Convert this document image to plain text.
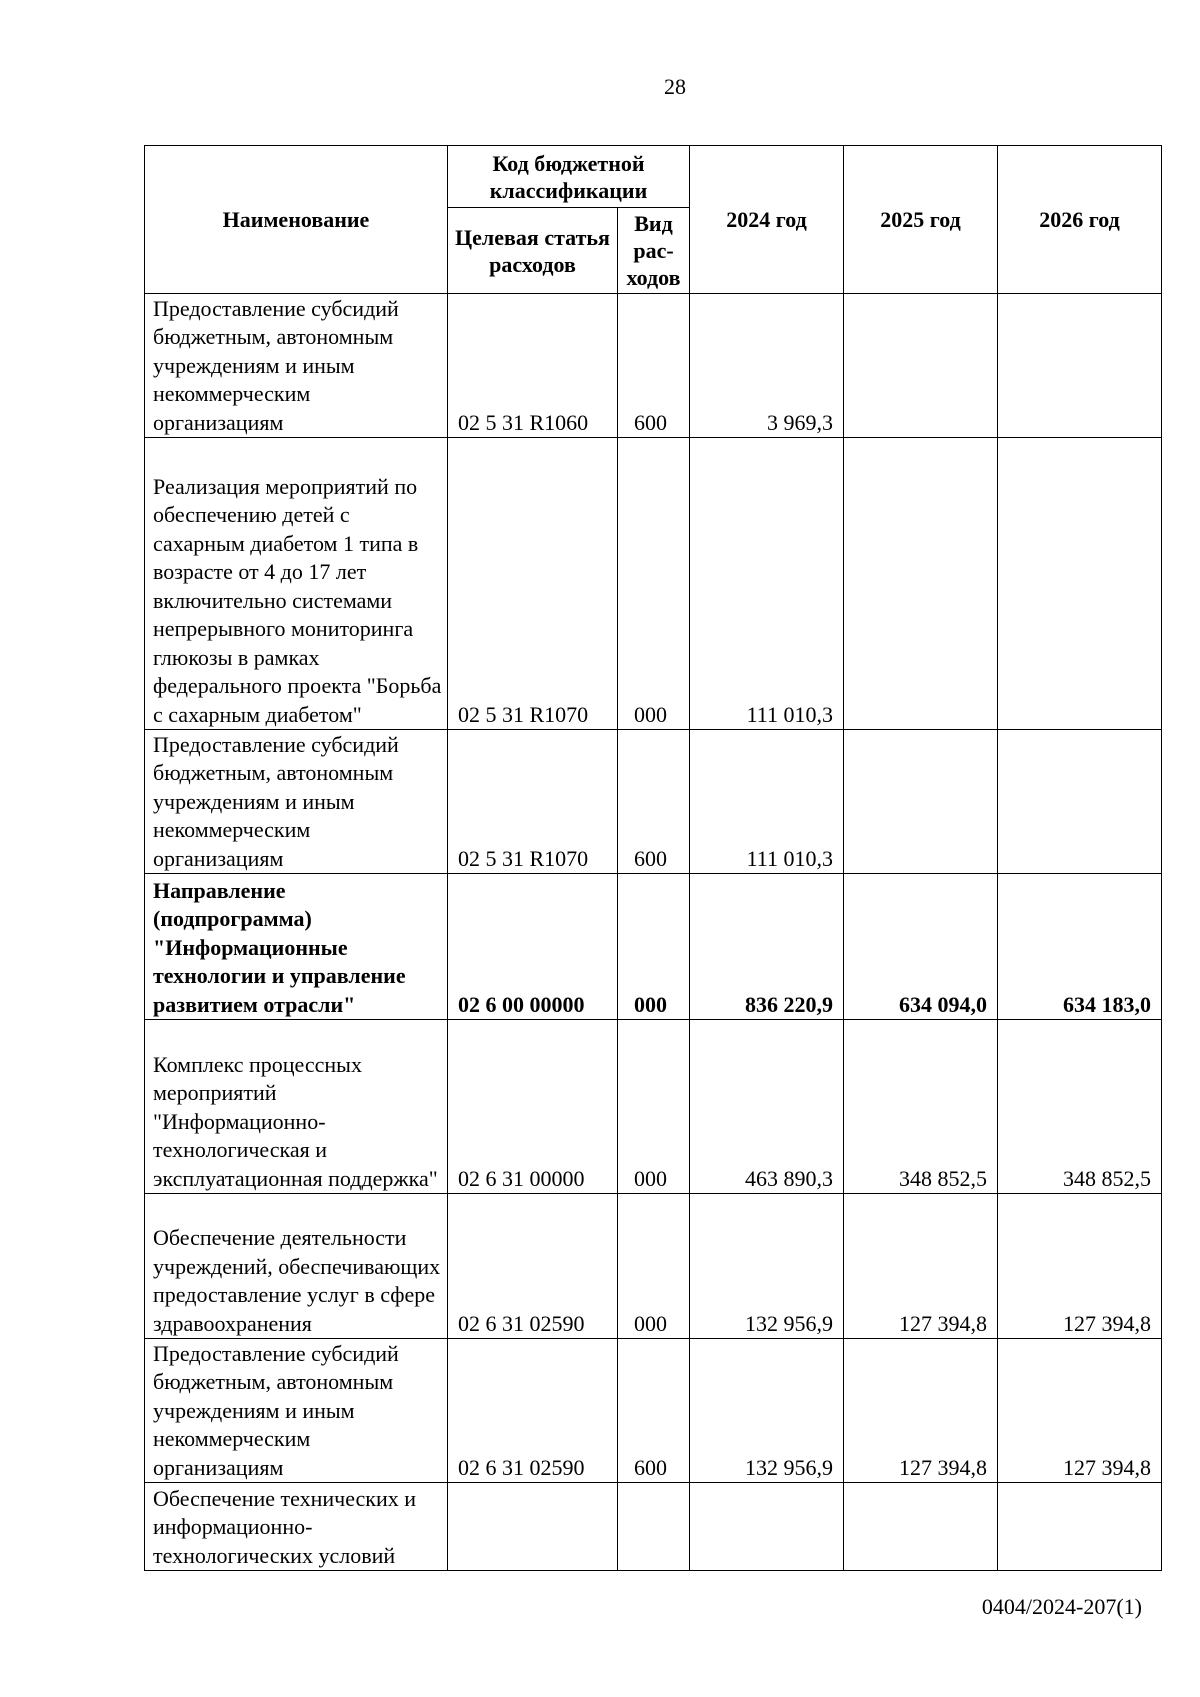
28
Наименование	Код бюджетной классификации		2024 год	2025 год	2026 год
	Целевая статья расходов	Вид рас-ходов			
Предоставление субсидий бюджетным, автономным учреждениям и иным некоммерческим организациям	02 5 31 R1060	600	3 969,3		
Реализация мероприятий по обеспечению детей с сахарным диабетом 1 типа в возрасте от 4 до 17 лет включительно системами непрерывного мониторинга глюкозы в рамках федерального проекта "Борьба с сахарным диабетом"	02 5 31 R1070	000	111 010,3		
Предоставление субсидий бюджетным, автономным учреждениям и иным некоммерческим организациям	02 5 31 R1070	600	111 010,3		
Направление (подпрограмма) "Информационные технологии и управление развитием отрасли"	02 6 00 00000	000	836 220,9	634 094,0	634 183,0
Комплекс процессных мероприятий "Информационно-технологическая и эксплуатационная поддержка"	02 6 31 00000	000	463 890,3	348 852,5	348 852,5
Обеспечение деятельности учреждений, обеспечивающих предоставление услуг в сфере здравоохранения	02 6 31 02590	000	132 956,9	127 394,8	127 394,8
Предоставление субсидий бюджетным, автономным учреждениям и иным некоммерческим организациям	02 6 31 02590	600	132 956,9	127 394,8	127 394,8
Обеспечение технических и информационно-технологических условий					
0404/2024-207(1)
